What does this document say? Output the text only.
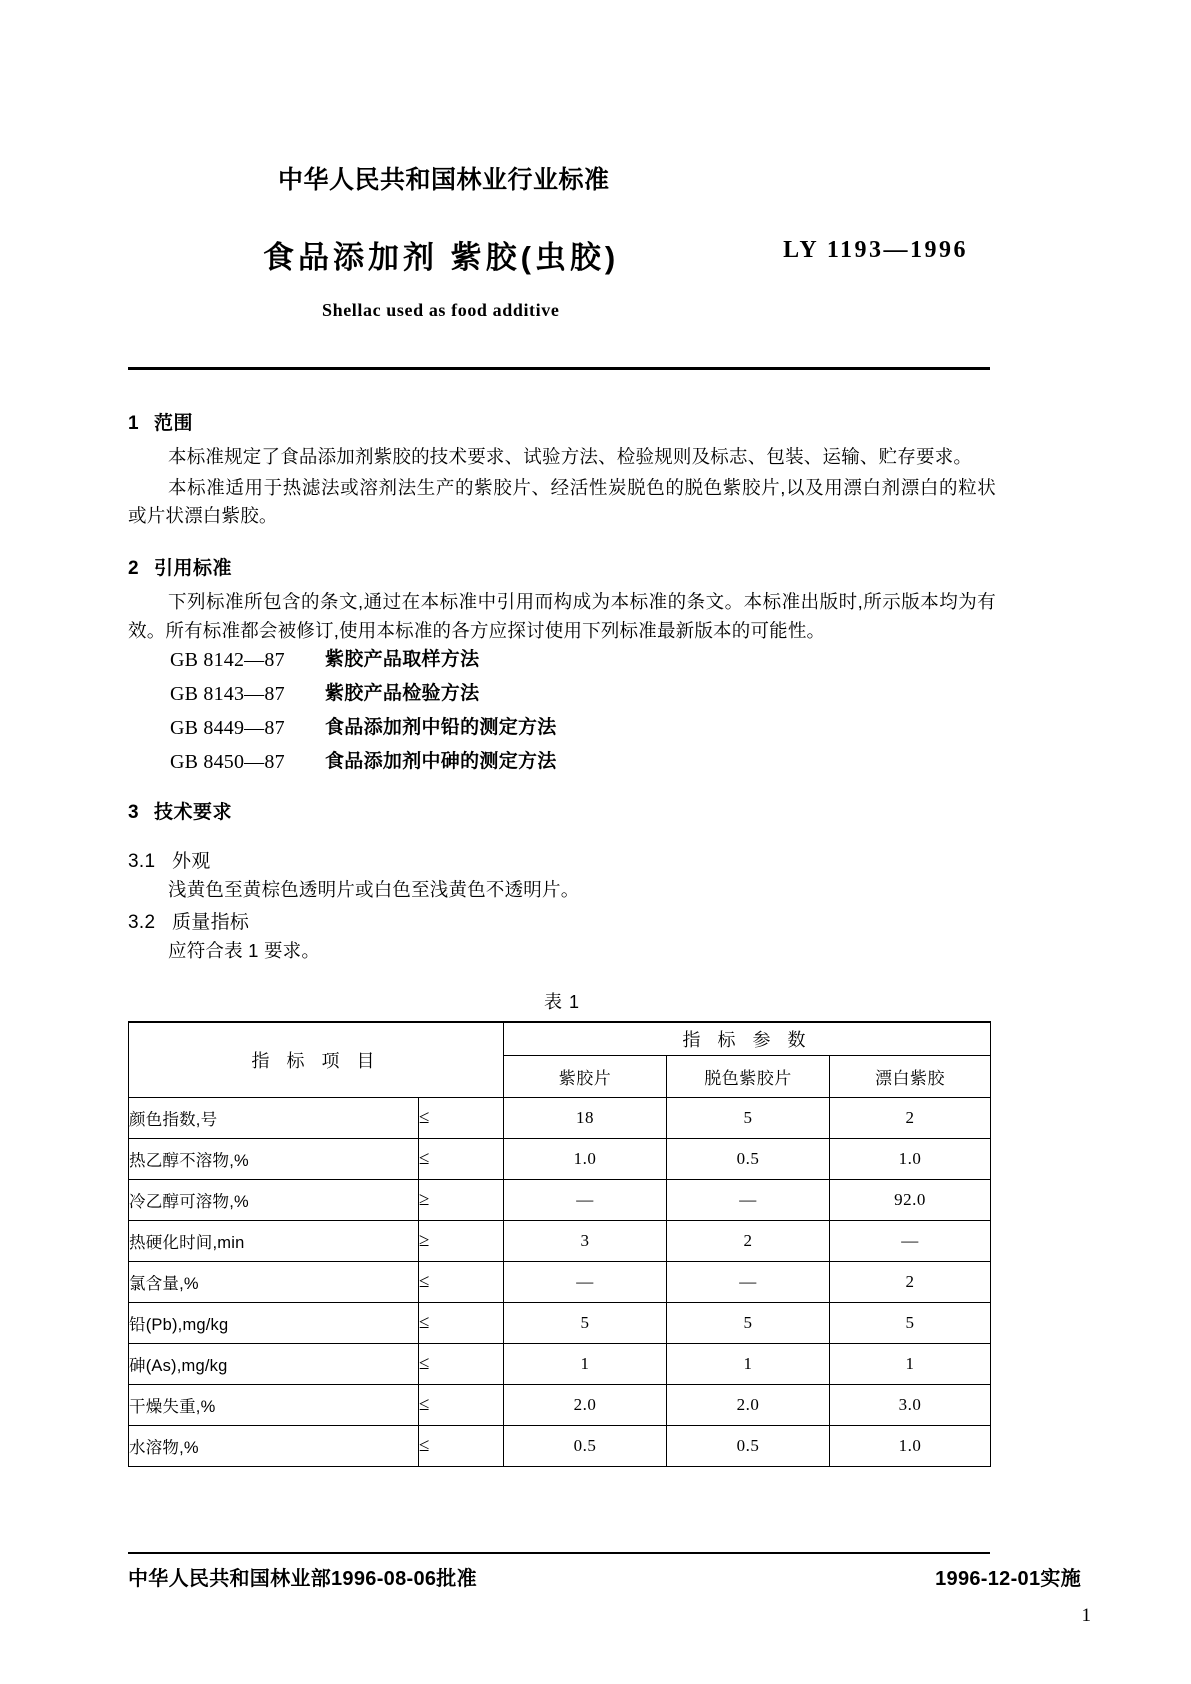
中华人民共和国林业行业标准
食品添加剂 紫胶(虫胶)	LY 1193—1996
Shellac used as food additive
1 范围

本标准规定了食品添加剂紫胶的技术要求、试验方法、检验规则及标志、包装、运输、贮存要求。

本标准适用于热滤法或溶剂法生产的紫胶片、经活性炭脱色的脱色紫胶片,以及用漂白剂漂白的粒状或片状漂白紫胶。

2 引用标准

下列标准所包含的条文,通过在本标准中引用而构成为本标准的条文。本标准出版时,所示版本均为有效。所有标准都会被修订,使用本标准的各方应探讨使用下列标准最新版本的可能性。

GB 8142—87	紫胶产品取样方法
GB 8143—87	紫胶产品检验方法
GB 8449—87	食品添加剂中铅的测定方法
GB 8450—87	食品添加剂中砷的测定方法
3 技术要求
3.1 外观

浅黄色至黄棕色透明片或白色至浅黄色不透明片。

3.2 质量指标

应符合表 1 要求。

表 1
指 标 项 目		指 标 参 数		
		紫胶片	脱色紫胶片	漂白紫胶
颜色指数,号	≤	18	5	2
热乙醇不溶物,%	≤	1.0	0.5	1.0
冷乙醇可溶物,%	≥	—	—	92.0
热硬化时间,min	≥	3	2	—
氯含量,%	≤	—	—	2
铅(Pb),mg/kg	≤	5	5	5
砷(As),mg/kg	≤	1	1	1
干燥失重,%	≤	2.0	2.0	3.0
水溶物,%	≤	0.5	0.5	1.0
中华人民共和国林业部1996-08-06批准	1996-12-01实施
1
